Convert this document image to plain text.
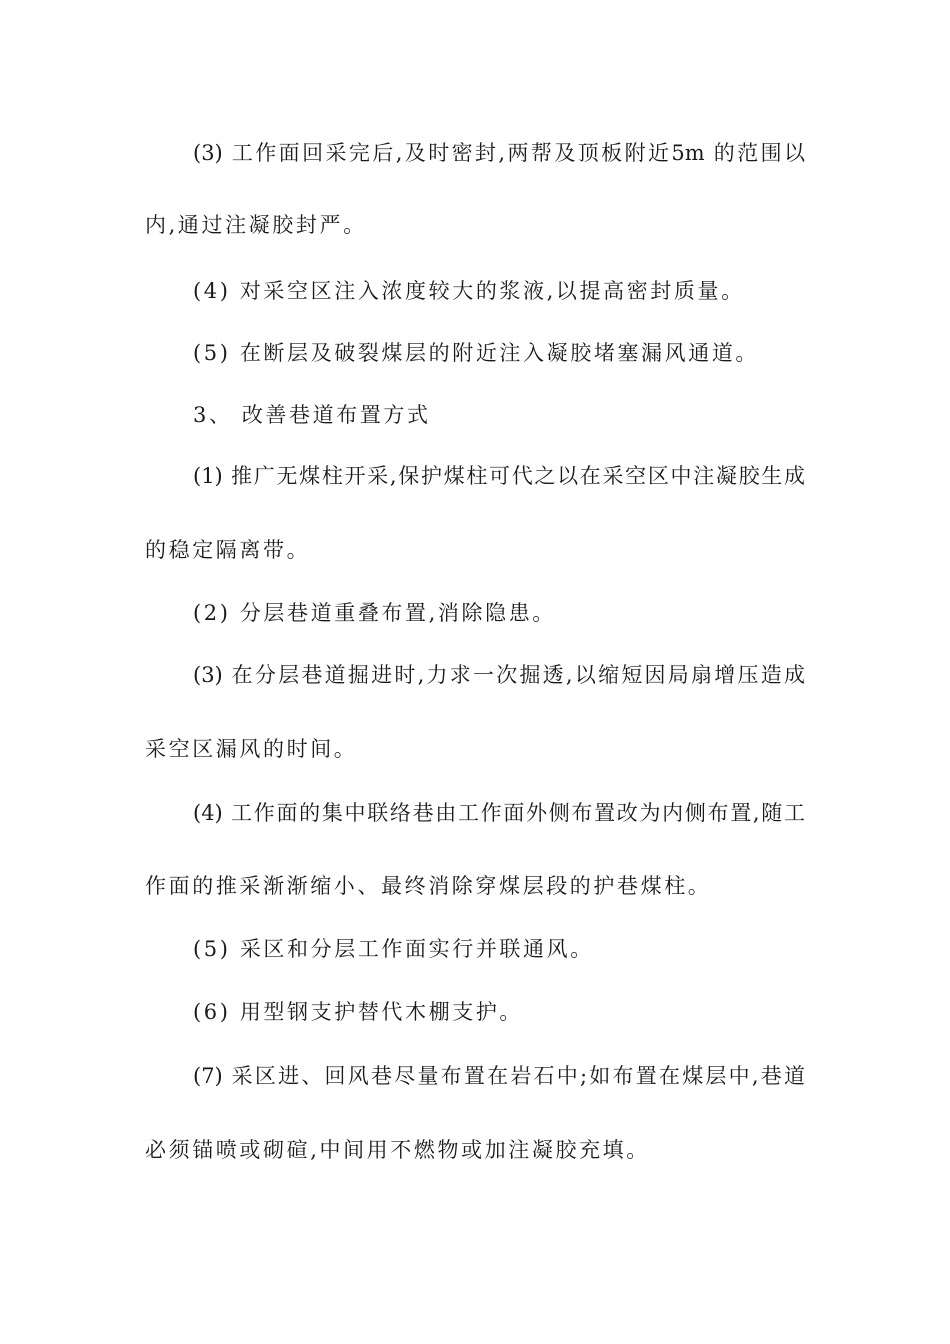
(3) 工作面回采完后,及时密封,两帮及顶板附近5m 的范围以
内,通过注凝胶封严。
(4) 对采空区注入浓度较大的浆液,以提高密封质量。
(5) 在断层及破裂煤层的附近注入凝胶堵塞漏风通道。
3、 改善巷道布置方式
(1) 推广无煤柱开采,保护煤柱可代之以在采空区中注凝胶生成
的稳定隔离带。
(2) 分层巷道重叠布置,消除隐患。
(3) 在分层巷道掘进时,力求一次掘透,以缩短因局扇增压造成
采空区漏风的时间。
(4) 工作面的集中联络巷由工作面外侧布置改为内侧布置,随工
作面的推采渐渐缩小、最终消除穿煤层段的护巷煤柱。
(5) 采区和分层工作面实行并联通风。
(6) 用型钢支护替代木棚支护。
(7) 采区进、回风巷尽量布置在岩石中;如布置在煤层中,巷道
必须锚喷或砌碹,中间用不燃物或加注凝胶充填。
